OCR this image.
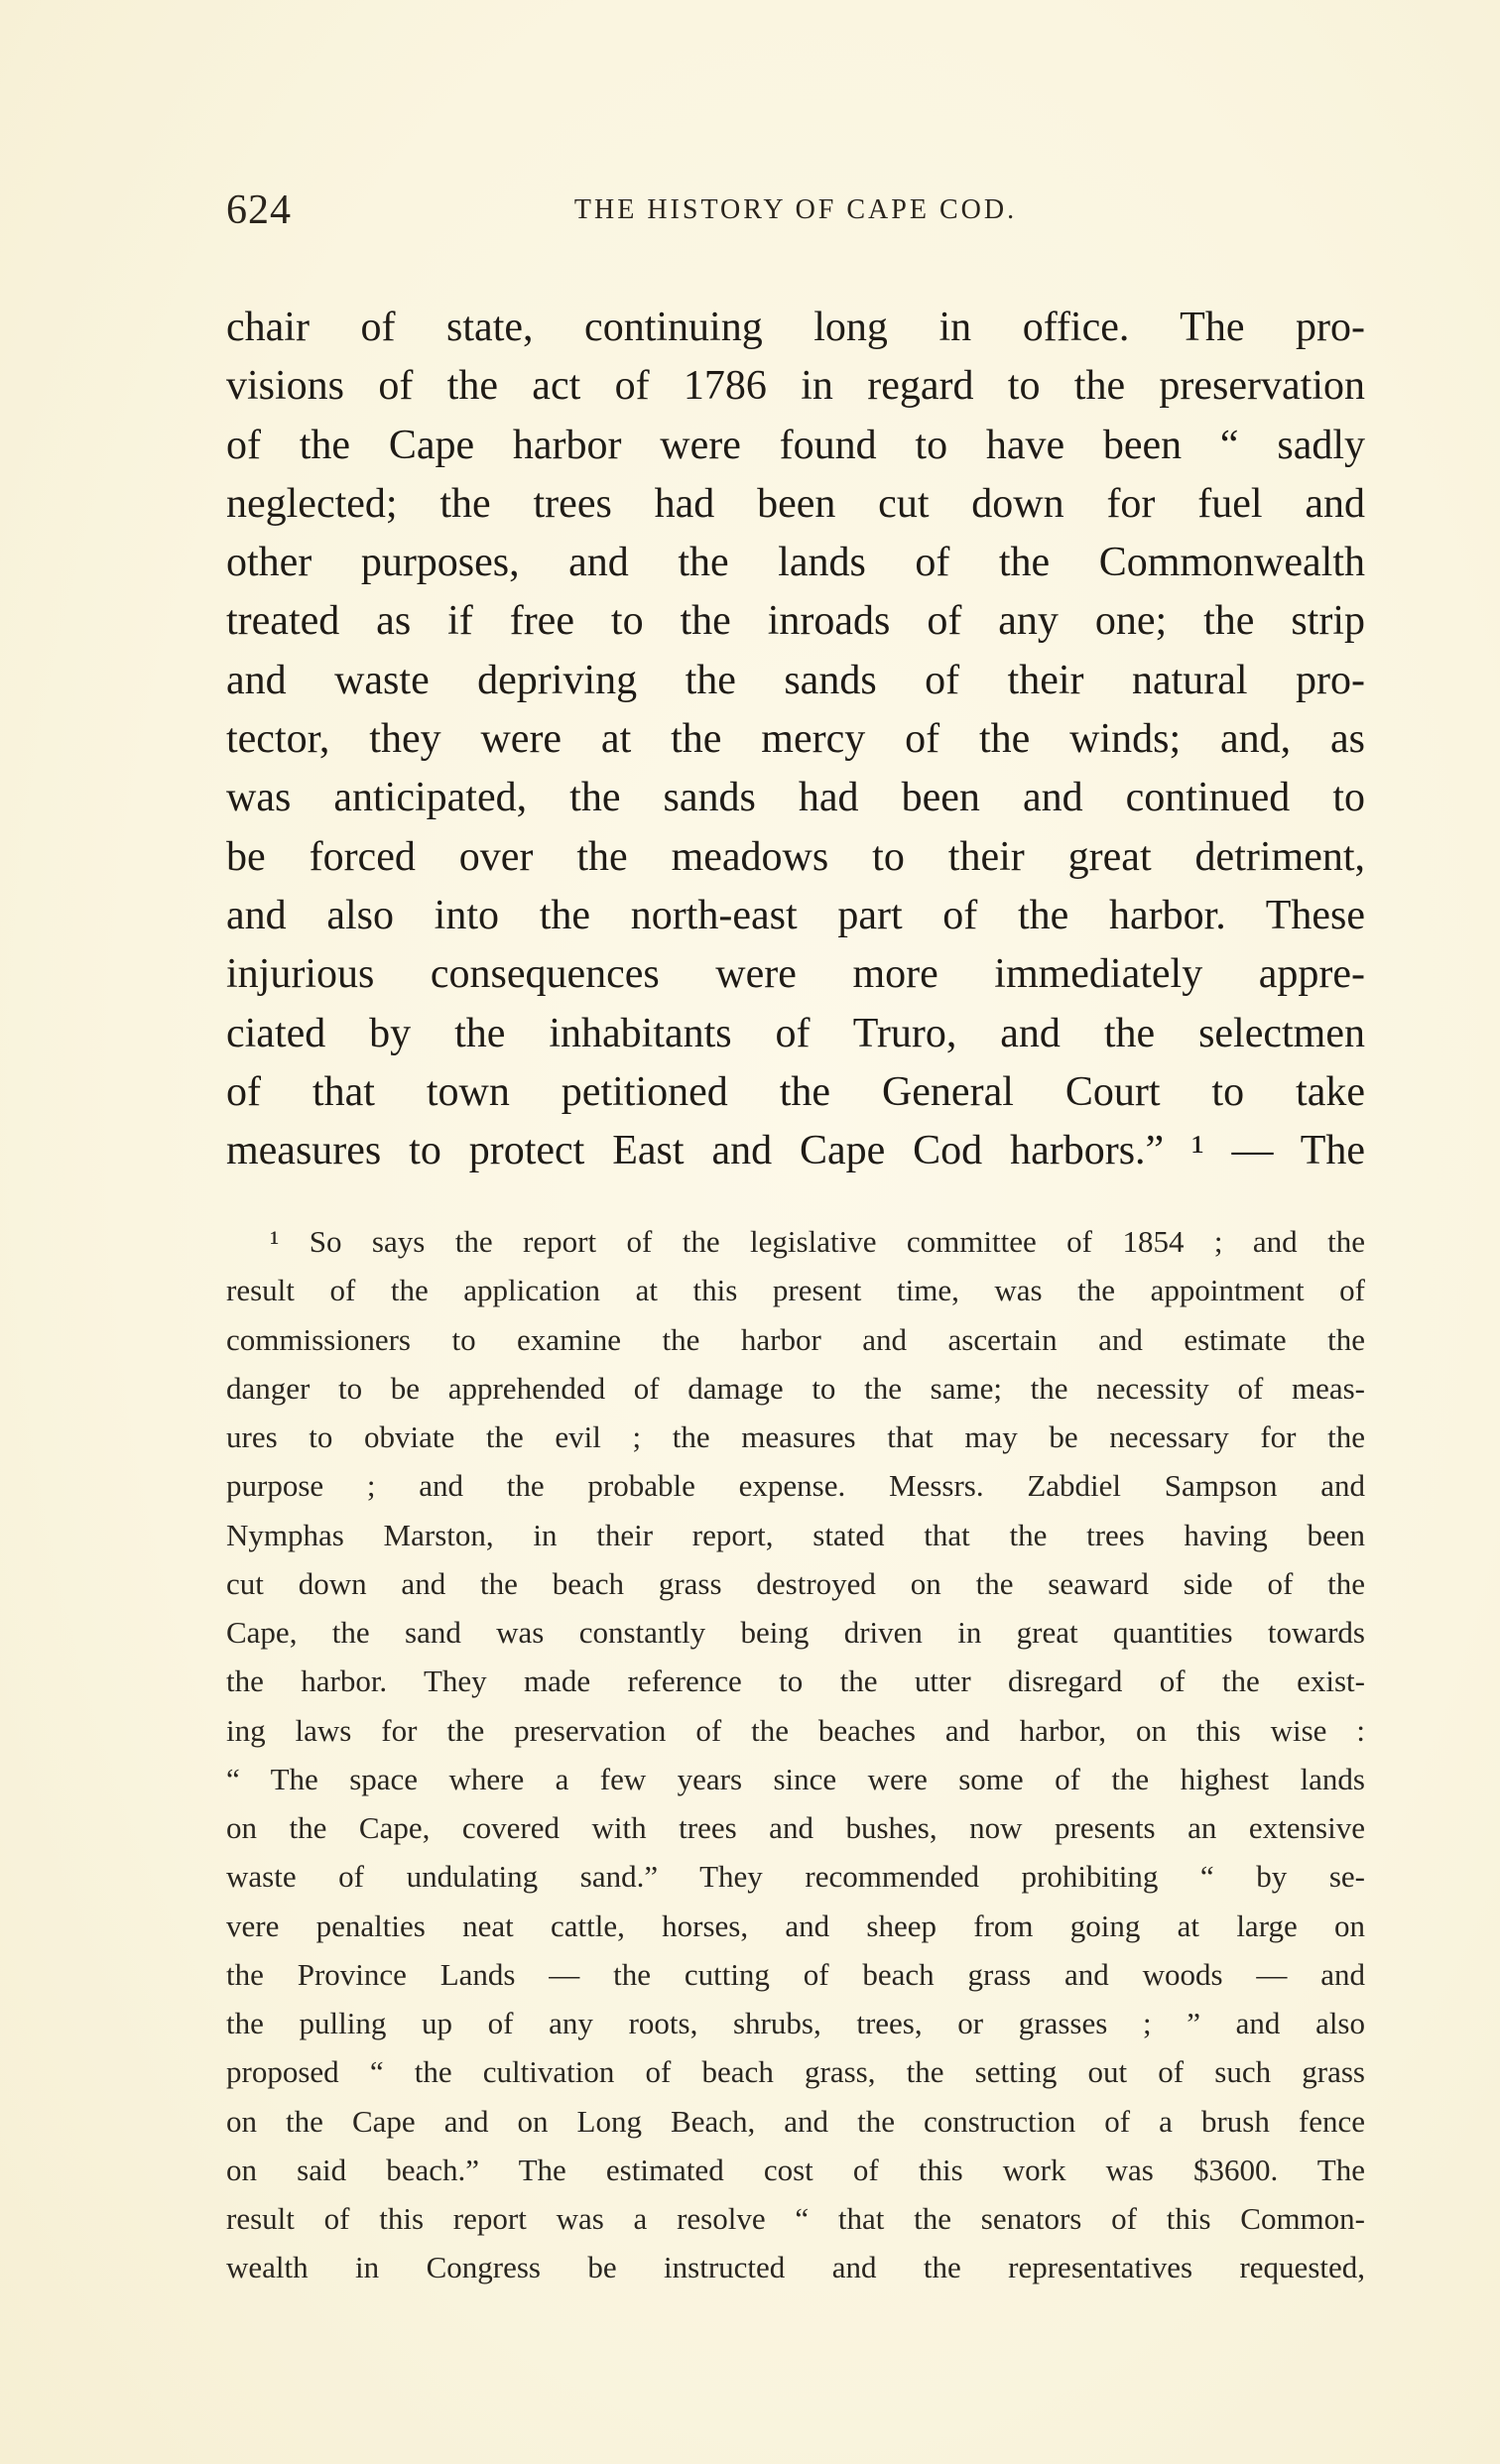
624	THE HISTORY OF CAPE COD.
chair of state, continuing long in office. The pro-
visions of the act of 1786 in regard to the preservation
of the Cape harbor were found to have been “ sadly
neglected; the trees had been cut down for fuel and
other purposes, and the lands of the Commonwealth
treated as if free to the inroads of any one; the strip
and waste depriving the sands of their natural pro-
tector, they were at the mercy of the winds; and, as
was anticipated, the sands had been and continued to
be forced over the meadows to their great detriment,
and also into the north-east part of the harbor. These
injurious consequences were more immediately appre-
ciated by the inhabitants of Truro, and the selectmen
of that town petitioned the General Court to take
measures to protect East and Cape Cod harbors.” ¹ — The
¹ So says the report of the legislative committee of 1854 ; and the
result of the application at this present time, was the appointment of
commissioners to examine the harbor and ascertain and estimate the
danger to be apprehended of damage to the same; the necessity of meas-
ures to obviate the evil ; the measures that may be necessary for the
purpose ; and the probable expense. Messrs. Zabdiel Sampson and
Nymphas Marston, in their report, stated that the trees having been
cut down and the beach grass destroyed on the seaward side of the
Cape, the sand was constantly being driven in great quantities towards
the harbor. They made reference to the utter disregard of the exist-
ing laws for the preservation of the beaches and harbor, on this wise :
“ The space where a few years since were some of the highest lands
on the Cape, covered with trees and bushes, now presents an extensive
waste of undulating sand.” They recommended prohibiting “ by se-
vere penalties neat cattle, horses, and sheep from going at large on
the Province Lands — the cutting of beach grass and woods — and
the pulling up of any roots, shrubs, trees, or grasses ; ” and also
proposed “ the cultivation of beach grass, the setting out of such grass
on the Cape and on Long Beach, and the construction of a brush fence
on said beach.” The estimated cost of this work was $3600. The
result of this report was a resolve “ that the senators of this Common-
wealth in Congress be instructed and the representatives requested,
